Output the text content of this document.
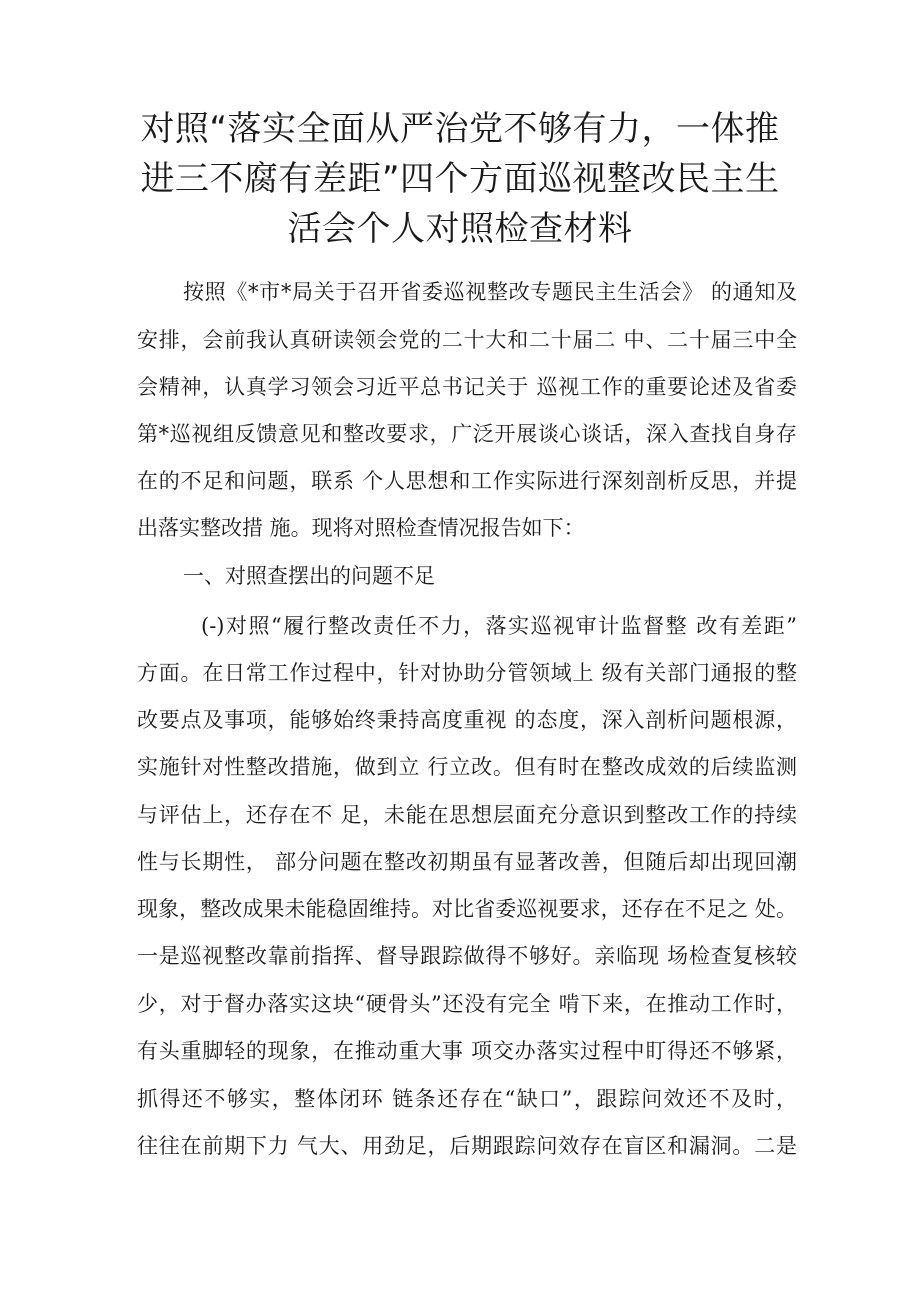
对照“落实全面从严治党不够有力，一体推
进三不腐有差距”四个方面巡视整改民主生
活会个人对照检查材料

按照《*市*局关于召开省委巡视整改专题民主生活会》 的通知及

安排，会前我认真研读领会党的二十大和二十届二 中、二十届三中全

会精神，认真学习领会习近平总书记关于 巡视工作的重要论述及省委

第*巡视组反馈意见和整改要求，广泛开展谈心谈话，深入查找自身存

在的不足和问题，联系 个人思想和工作实际进行深刻剖析反思，并提

出落实整改措 施。现将对照检查情况报告如下：

一、对照查摆出的问题不足

(-)对照“履行整改责任不力，落实巡视审计监督整 改有差距”

方面。在日常工作过程中，针对协助分管领域上 级有关部门通报的整

改要点及事项，能够始终秉持高度重视 的态度，深入剖析问题根源，

实施针对性整改措施，做到立 行立改。但有时在整改成效的后续监测

与评估上，还存在不 足，未能在思想层面充分意识到整改工作的持续

性与长期性， 部分问题在整改初期虽有显著改善，但随后却出现回潮

现象，整改成果未能稳固维持。对比省委巡视要求，还存在不足之 处。

一是巡视整改靠前指挥、督导跟踪做得不够好。亲临现 场检查复核较

少，对于督办落实这块“硬骨头”还没有完全 啃下来，在推动工作时，

有头重脚轻的现象，在推动重大事 项交办落实过程中盯得还不够紧，

抓得还不够实，整体闭环 链条还存在“缺口”，跟踪问效还不及时，

往往在前期下力 气大、用劲足，后期跟踪问效存在盲区和漏洞。二是
